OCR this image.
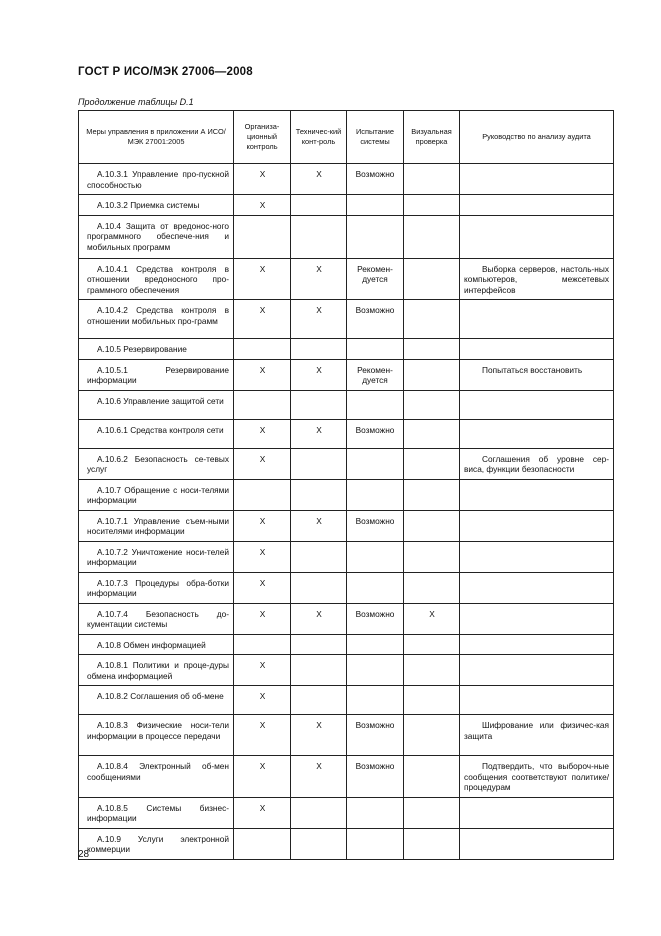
ГОСТ Р ИСО/МЭК 27006—2008
Продолжение таблицы D.1
Меры управления в приложении А ИСО/МЭК 27001:2005	Организа-ционный контроль	Техничес-кий конт-роль	Испытание системы	Визуальная проверка	Руководство по анализу аудита

А.10.3.1 Управление про-пускной способностью	X	X	Возможно		

А.10.3.2 Приемка системы	X				

А.10.4 Защита от вредонос-ного программного обеспече-ния и мобильных программ					

А.10.4.1 Средства контроля в отношении вредоносного про-граммного обеспечения	X	X	Рекомен-дуется		Выборка серверов, настоль-ных компьютеров, межсетевых интерфейсов

А.10.4.2 Средства контроля в отношении мобильных про-грамм	X	X	Возможно		

А.10.5 Резервирование					

А.10.5.1 Резервирование информации	X	X	Рекомен-дуется		Попытаться восстановить

А.10.6 Управление защитой сети					

А.10.6.1 Средства контроля сети	X	X	Возможно		

А.10.6.2 Безопасность се-тевых услуг	X				Соглашения об уровне сер-виса, функции безопасности

А.10.7 Обращение с носи-телями информации					

А.10.7.1 Управление съем-ными носителями информации	X	X	Возможно		

А.10.7.2 Уничтожение носи-телей информации	X				

А.10.7.3 Процедуры обра-ботки информации	X				

А.10.7.4 Безопасность до-кументации системы	X	X	Возможно	X	

А.10.8 Обмен информацией					

А.10.8.1 Политики и проце-дуры обмена информацией	X				

А.10.8.2 Соглашения об об-мене	X				

А.10.8.3 Физические носи-тели информации в процессе передачи	X	X	Возможно		Шифрование или физичес-кая защита

А.10.8.4 Электронный об-мен сообщениями	X	X	Возможно		Подтвердить, что выбороч-ные сообщения соответствуют политике/процедурам

А.10.8.5 Системы бизнес-информации	X				

А.10.9 Услуги электронной коммерции					

28
